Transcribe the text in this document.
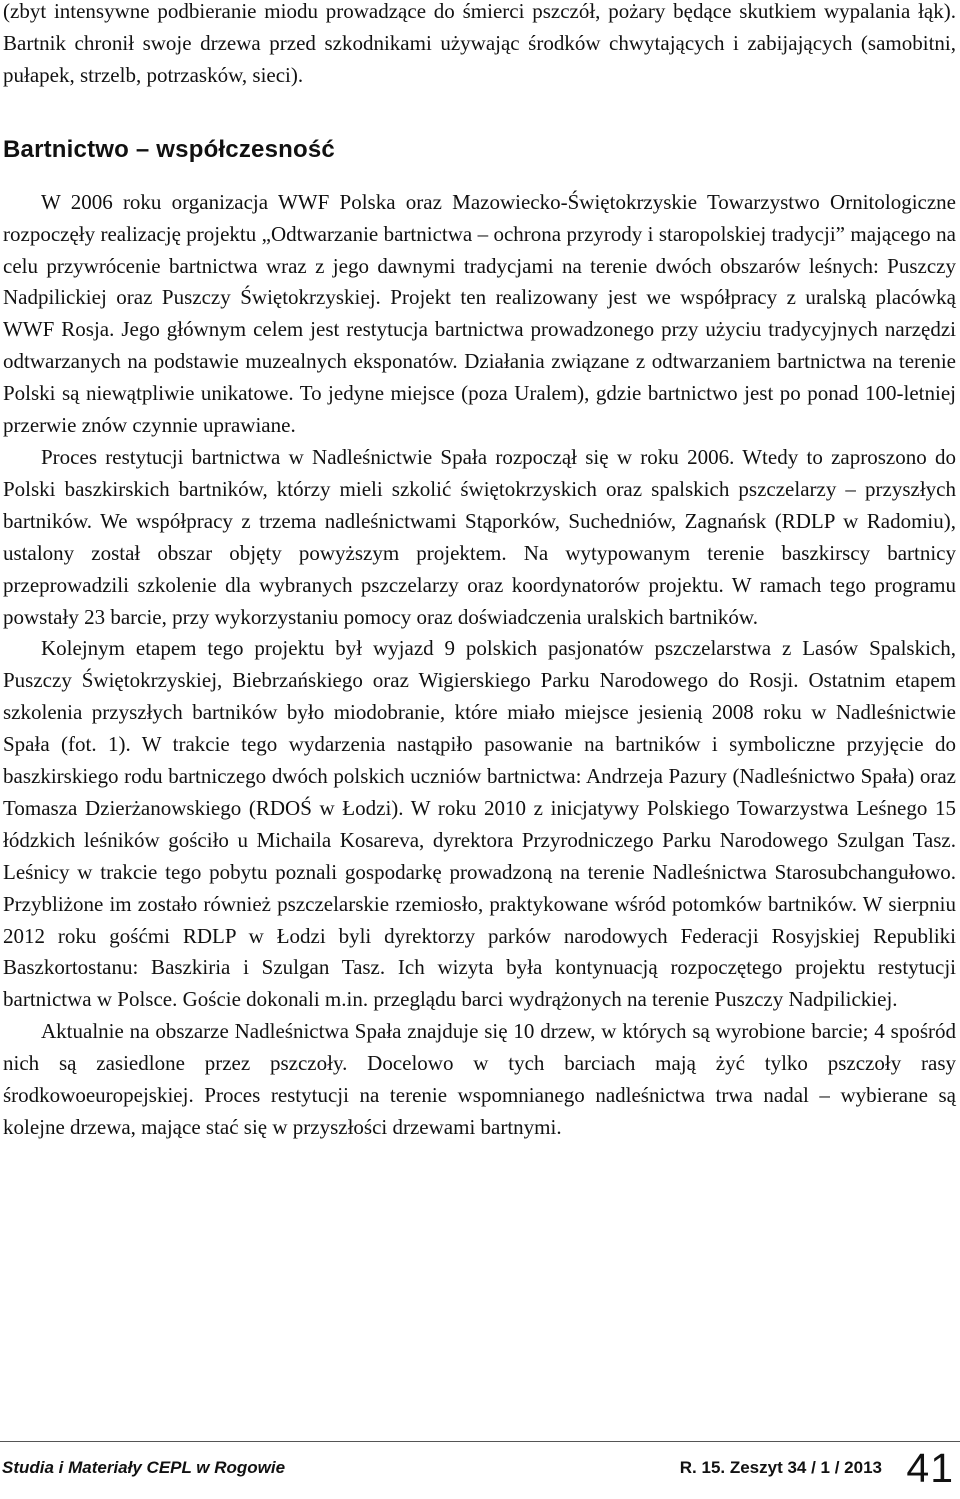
(zbyt intensywne podbieranie miodu prowadzące do śmierci pszczół, pożary będące skutkiem wypalania łąk). Bartnik chronił swoje drzewa przed szkodnikami używając środków chwytających i zabijających (samobitni, pułapek, strzelb, potrzasków, sieci).

Bartnictwo – współczesność

W 2006 roku organizacja WWF Polska oraz Mazowiecko-Świętokrzyskie Towarzystwo Ornitologiczne rozpoczęły realizację projektu „Odtwarzanie bartnictwa – ochrona przyrody i staropolskiej tradycji” mającego na celu przywrócenie bartnictwa wraz z jego dawnymi tradycjami na terenie dwóch obszarów leśnych: Puszczy Nadpilickiej oraz Puszczy Świętokrzyskiej. Projekt ten realizowany jest we współpracy z uralską placówką WWF Rosja. Jego głównym celem jest restytucja bartnictwa prowadzonego przy użyciu tradycyjnych narzędzi odtwarzanych na podstawie muzealnych eksponatów. Działania związane z odtwarzaniem bartnictwa na terenie Polski są niewątpliwie unikatowe. To jedyne miejsce (poza Uralem), gdzie bartnictwo jest po ponad 100-letniej przerwie znów czynnie uprawiane.

Proces restytucji bartnictwa w Nadleśnictwie Spała rozpoczął się w roku 2006. Wtedy to zaproszono do Polski baszkirskich bartników, którzy mieli szkolić świętokrzyskich oraz spalskich pszczelarzy – przyszłych bartników. We współpracy z trzema nadleśnictwami Stąporków, Suchedniów, Zagnańsk (RDLP w Radomiu), ustalony został obszar objęty powyższym projektem. Na wytypowanym terenie baszkirscy bartnicy przeprowadzili szkolenie dla wybranych pszczelarzy oraz koordynatorów projektu. W ramach tego programu powstały 23 barcie, przy wykorzystaniu pomocy oraz doświadczenia uralskich bartników.

Kolejnym etapem tego projektu był wyjazd 9 polskich pasjonatów pszczelarstwa z Lasów Spalskich, Puszczy Świętokrzyskiej, Biebrzańskiego oraz Wigierskiego Parku Narodowego do Rosji. Ostatnim etapem szkolenia przyszłych bartników było miodobranie, które miało miejsce jesienią 2008 roku w Nadleśnictwie Spała (fot. 1). W trakcie tego wydarzenia nastąpiło pasowanie na bartników i symboliczne przyjęcie do baszkirskiego rodu bartniczego dwóch polskich uczniów bartnictwa: Andrzeja Pazury (Nadleśnictwo Spała) oraz Tomasza Dzierżanowskiego (RDOŚ w Łodzi). W roku 2010 z inicjatywy Polskiego Towarzystwa Leśnego 15 łódzkich leśników gościło u Michaila Kosareva, dyrektora Przyrodniczego Parku Narodowego Szulgan Tasz. Leśnicy w trakcie tego pobytu poznali gospodarkę prowadzoną na terenie Nadleśnictwa Starosubchangułowo. Przybliżone im zostało również pszczelarskie rzemiosło, praktykowane wśród potomków bartników. W sierpniu 2012 roku gośćmi RDLP w Łodzi byli dyrektorzy parków narodowych Federacji Rosyjskiej Republiki Baszkortostanu: Baszkiria i Szulgan Tasz. Ich wizyta była kontynuacją rozpoczętego projektu restytucji bartnictwa w Polsce. Goście dokonali m.in. przeglądu barci wydrążonych na terenie Puszczy Nadpilickiej.

Aktualnie na obszarze Nadleśnictwa Spała znajduje się 10 drzew, w których są wyrobione barcie; 4 spośród nich są zasiedlone przez pszczoły. Docelowo w tych barciach mają żyć tylko pszczoły rasy środkowoeuropejskiej. Proces restytucji na terenie wspomnianego nadleśnictwa trwa nadal – wybierane są kolejne drzewa, mające stać się w przyszłości drzewami bartnymi.

Studia i Materiały CEPL w Rogowie	R. 15. Zeszyt 34 / 1 / 2013 41
